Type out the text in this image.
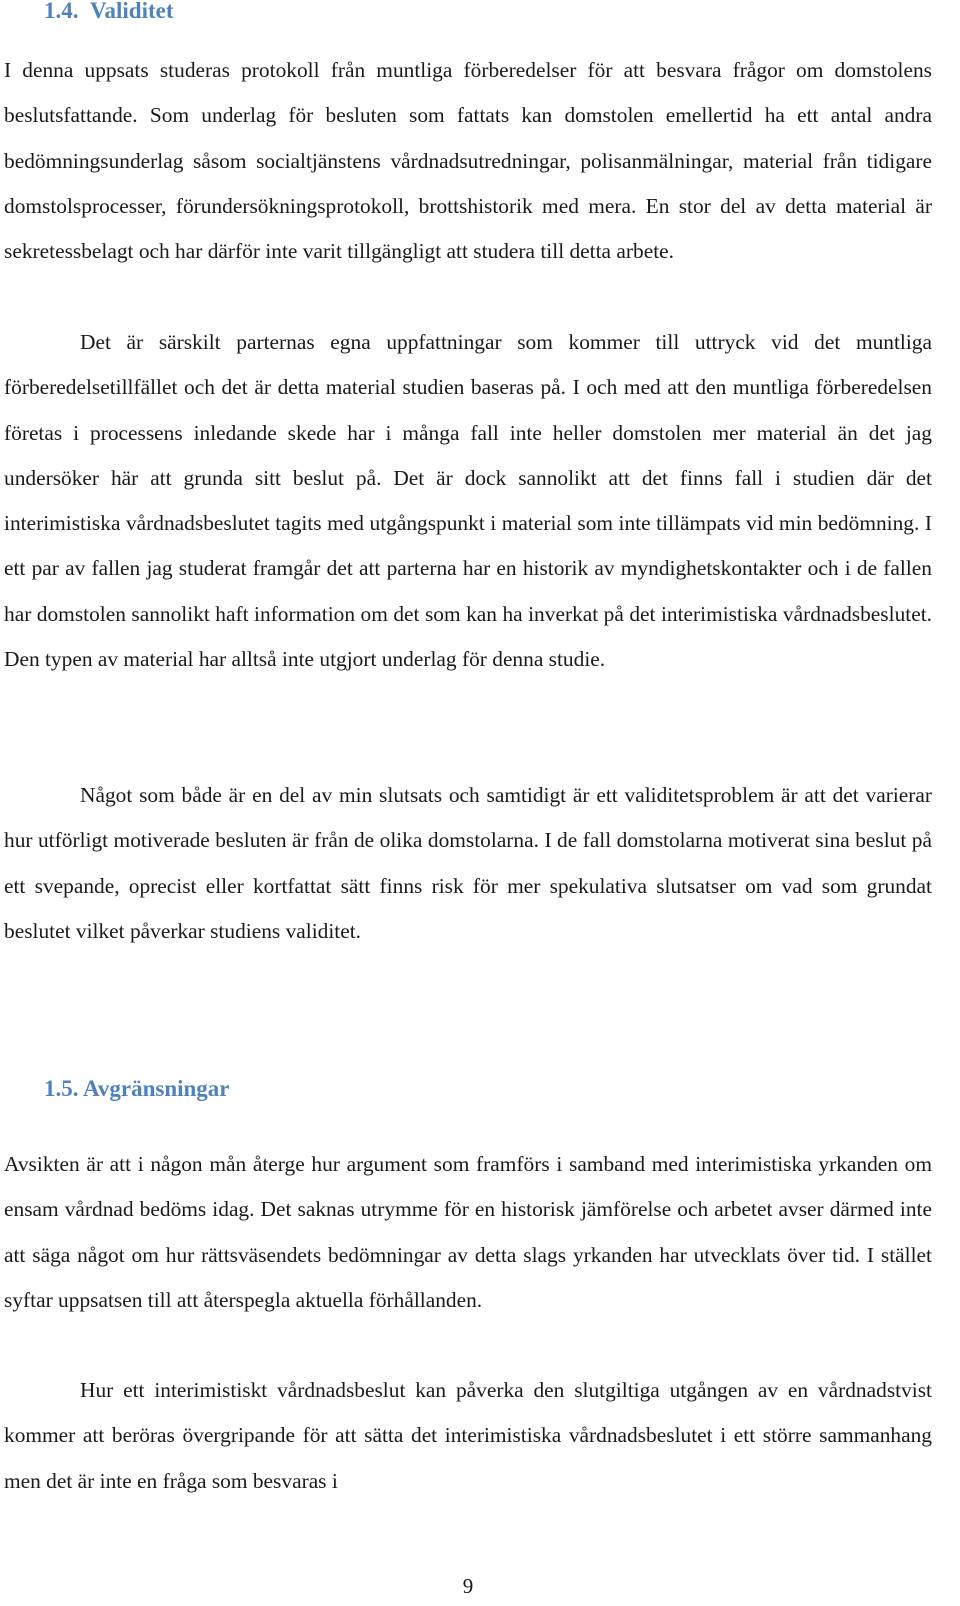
1.4.  Validitet

I denna uppsats studeras protokoll från muntliga förberedelser för att besvara frågor om domstolens beslutsfattande. Som underlag för besluten som fattats kan domstolen emellertid ha ett antal andra bedömningsunderlag såsom socialtjänstens vårdnadsutredningar, polisanmälningar, material från tidigare domstolsprocesser, förundersökningsprotokoll, brottshistorik med mera. En stor del av detta material är sekretessbelagt och har därför inte varit tillgängligt att studera till detta arbete.

Det är särskilt parternas egna uppfattningar som kommer till uttryck vid det muntliga förberedelsetillfället och det är detta material studien baseras på. I och med att den muntliga förberedelsen företas i processens inledande skede har i många fall inte heller domstolen mer material än det jag undersöker här att grunda sitt beslut på. Det är dock sannolikt att det finns fall i studien där det interimistiska vårdnadsbeslutet tagits med utgångspunkt i material som inte tillämpats vid min bedömning. I ett par av fallen jag studerat framgår det att parterna har en historik av myndighetskontakter och i de fallen har domstolen sannolikt haft information om det som kan ha inverkat på det interimistiska vårdnadsbeslutet. Den typen av material har alltså inte utgjort underlag för denna studie.

Något som både är en del av min slutsats och samtidigt är ett validitetsproblem är att det varierar hur utförligt motiverade besluten är från de olika domstolarna. I de fall domstolarna motiverat sina beslut på ett svepande, oprecist eller kortfattat sätt finns risk för mer spekulativa slutsatser om vad som grundat beslutet vilket påverkar studiens validitet.

1.5. Avgränsningar

Avsikten är att i någon mån återge hur argument som framförs i samband med interimistiska yrkanden om ensam vårdnad bedöms idag. Det saknas utrymme för en historisk jämförelse och arbetet avser därmed inte att säga något om hur rättsväsendets bedömningar av detta slags yrkanden har utvecklats över tid. I stället syftar uppsatsen till att återspegla aktuella förhållanden.

Hur ett interimistiskt vårdnadsbeslut kan påverka den slutgiltiga utgången av en vårdnadstvist kommer att beröras övergripande för att sätta det interimistiska vårdnadsbeslutet i ett större sammanhang men det är inte en fråga som besvaras i

9
